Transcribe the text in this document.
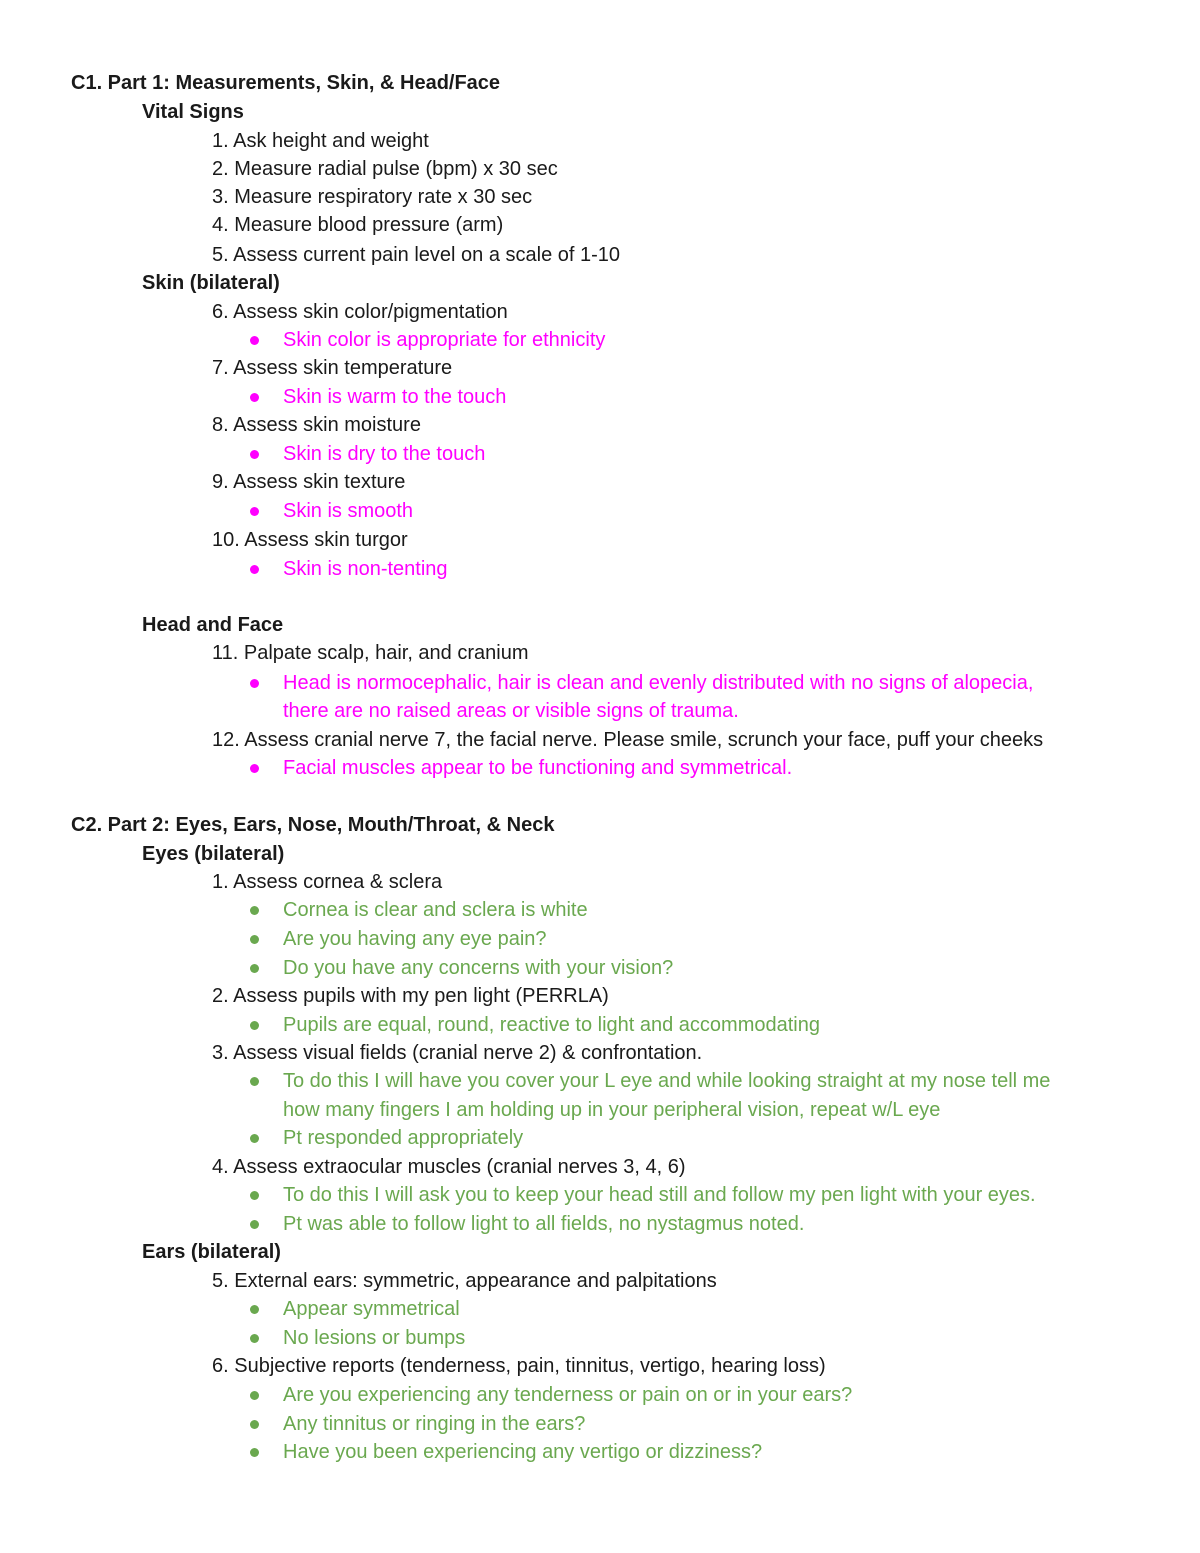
C1. Part 1: Measurements, Skin, & Head/Face
Vital Signs
1. Ask height and weight
2. Measure radial pulse (bpm) x 30 sec
3. Measure respiratory rate x 30 sec
4. Measure blood pressure (arm)
5. Assess current pain level on a scale of 1-10
Skin (bilateral)
6. Assess skin color/pigmentation
Skin color is appropriate for ethnicity
7. Assess skin temperature
Skin is warm to the touch
8. Assess skin moisture
Skin is dry to the touch
9. Assess skin texture
Skin is smooth
10. Assess skin turgor
Skin is non-tenting
Head and Face
11. Palpate scalp, hair, and cranium
Head is normocephalic, hair is clean and evenly distributed with no signs of alopecia,
there are no raised areas or visible signs of trauma.
12. Assess cranial nerve 7, the facial nerve. Please smile, scrunch your face, puff your cheeks
Facial muscles appear to be functioning and symmetrical.
C2. Part 2: Eyes, Ears, Nose, Mouth/Throat, & Neck
Eyes (bilateral)
1. Assess cornea & sclera
Cornea is clear and sclera is white
Are you having any eye pain?
Do you have any concerns with your vision?
2. Assess pupils with my pen light (PERRLA)
Pupils are equal, round, reactive to light and accommodating
3. Assess visual fields (cranial nerve 2) & confrontation.
To do this I will have you cover your L eye and while looking straight at my nose tell me
how many fingers I am holding up in your peripheral vision, repeat w/L eye
Pt responded appropriately
4. Assess extraocular muscles (cranial nerves 3, 4, 6)
To do this I will ask you to keep your head still and follow my pen light with your eyes.
Pt was able to follow light to all fields, no nystagmus noted.
Ears (bilateral)
5. External ears: symmetric, appearance and palpitations
Appear symmetrical
No lesions or bumps
6. Subjective reports (tenderness, pain, tinnitus, vertigo, hearing loss)
Are you experiencing any tenderness or pain on or in your ears?
Any tinnitus or ringing in the ears?
Have you been experiencing any vertigo or dizziness?
